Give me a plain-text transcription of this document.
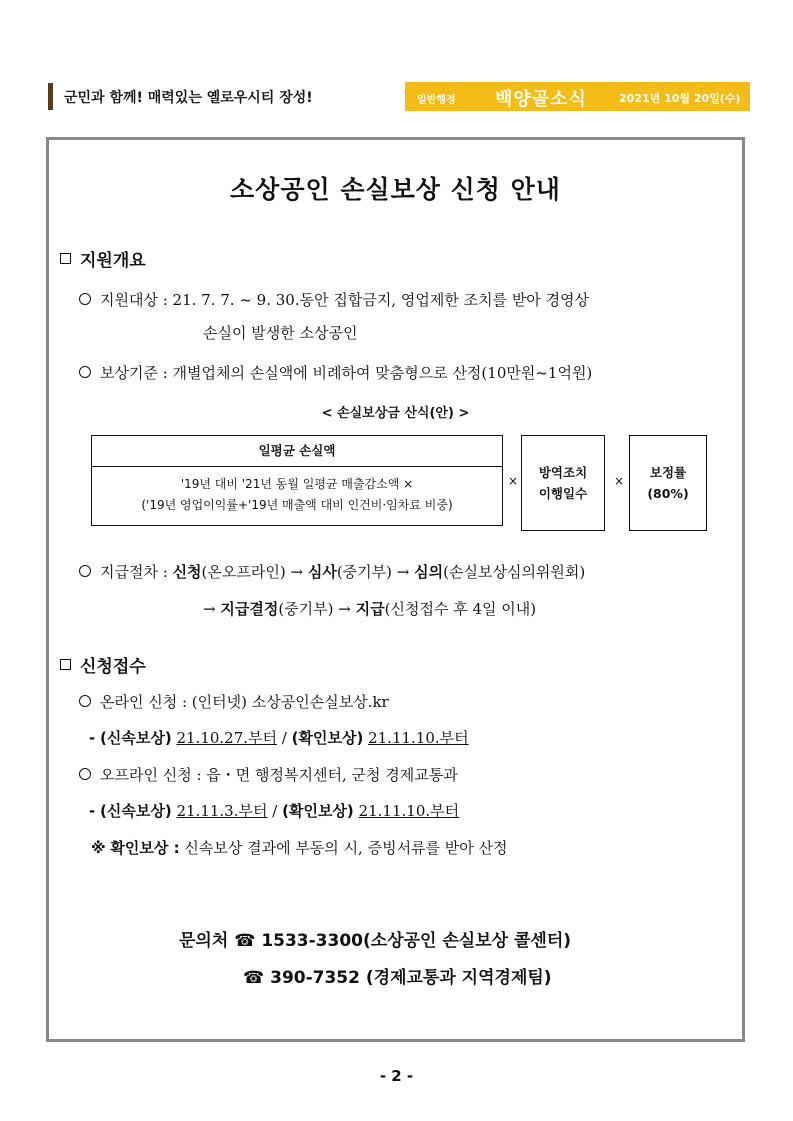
군민과 함께! 매력있는 옐로우시티 장성!	일반행정 백양골소식	2021년 10월 20일(수)
소상공인 손실보상 신청 안내
지원개요
지원대상 : 21. 7. 7. ~ 9. 30.동안 집합금지, 영업제한 조치를 받아 경영상
손실이 발생한 소상공인
보상기준 : 개별업체의 손실액에 비례하여 맞춤형으로 산정(10만원~1억원)
< 손실보상금 산식(안) >
일평균 손실액
'19년 대비 '21년 동월 일평균 매출감소액 ×
('19년 영업이익률+'19년 매출액 대비 인건비·임차료 비중)
×
방역조치
이행일수
×
보정률
(80%)
지급절차 : 신청(온오프라인) → 심사(중기부) → 심의(손실보상심의위원회)
→ 지급결정(중기부) → 지급(신청접수 후 4일 이내)
신청접수
온라인 신청 : (인터넷) 소상공인손실보상.kr
- (신속보상) 21.10.27.부터 / (확인보상) 21.11.10.부터
오프라인 신청 : 읍・면 행정복지센터, 군청 경제교통과
- (신속보상) 21.11.3.부터 / (확인보상) 21.11.10.부터
※ 확인보상 : 신속보상 결과에 부동의 시, 증빙서류를 받아 산정
문의처 ☎ 1533-3300(소상공인 손실보상 콜센터)
☎ 390-7352 (경제교통과 지역경제팀)
- 2 -
